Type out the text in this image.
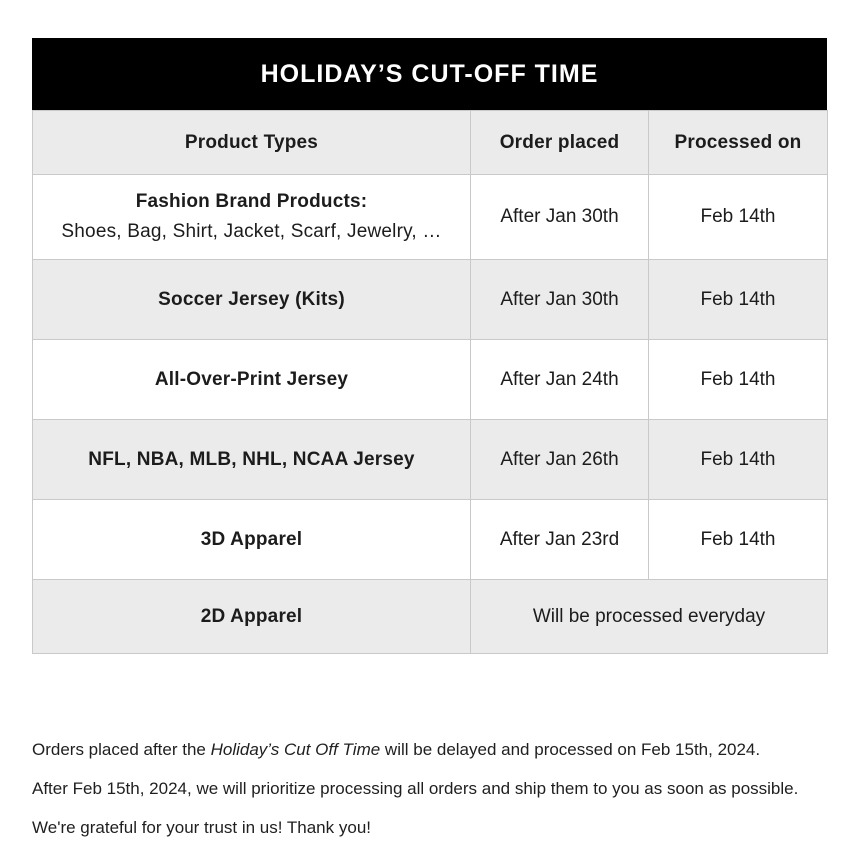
HOLIDAY’S CUT-OFF TIME
Product Types	Order placed	Processed on

Fashion Brand Products:
Shoes, Bag, Shirt, Jacket, Scarf, Jewelry, …	After Jan 30th	Feb 14th
Soccer Jersey (Kits)	After Jan 30th	Feb 14th
All-Over-Print Jersey	After Jan 24th	Feb 14th
NFL, NBA, MLB, NHL, NCAA Jersey	After Jan 26th	Feb 14th
3D Apparel	After Jan 23rd	Feb 14th
2D Apparel	Will be processed everyday	

Orders placed after the Holiday’s Cut Off Time will be delayed and processed on Feb 15th, 2024.

After Feb 15th, 2024, we will prioritize processing all orders and ship them to you as soon as possible.

We're grateful for your trust in us! Thank you!
